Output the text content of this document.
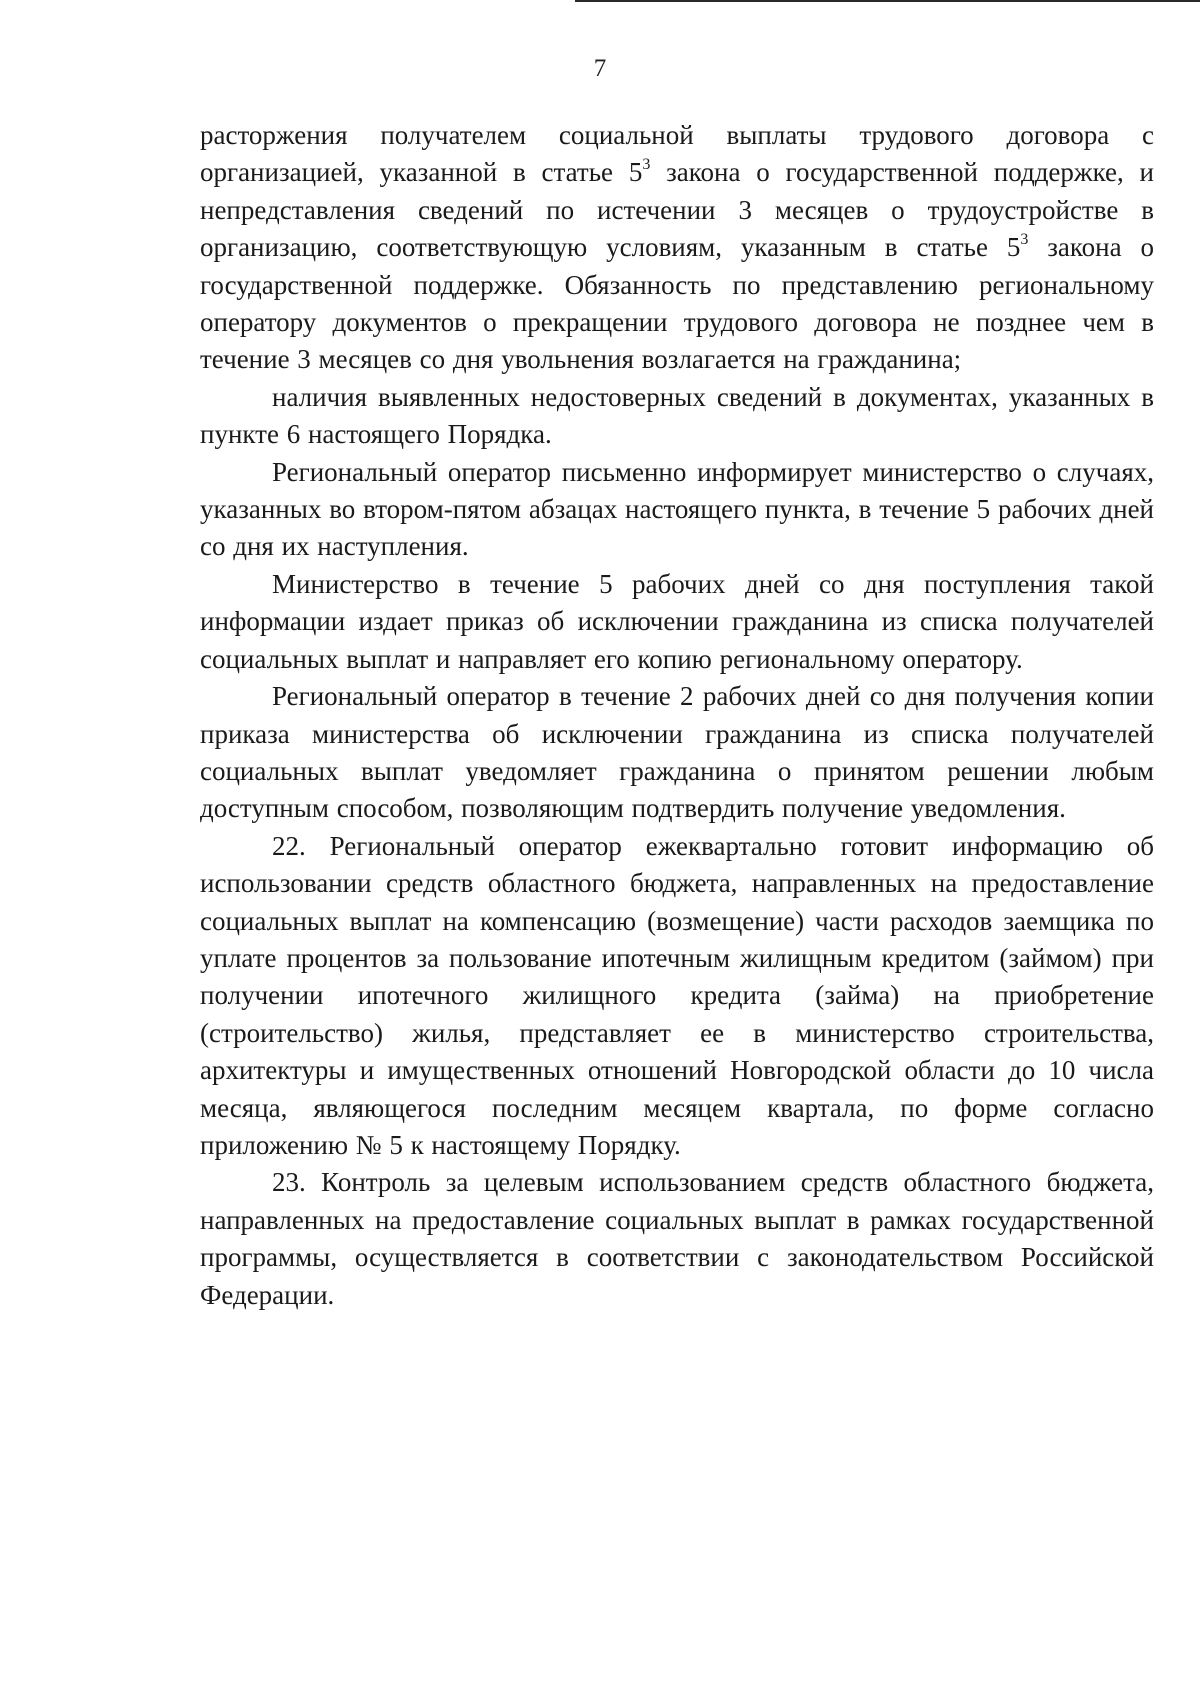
7

расторжения получателем социальной выплаты трудового договора с организацией, указанной в статье $5^3$ закона о государственной поддержке, и непредставления сведений по истечении 3 месяцев о трудоустройстве в организацию, соответствующую условиям, указанным в статье $5^3$ закона о государственной поддержке. Обязанность по представлению региональному оператору документов о прекращении трудового договора не позднее чем в течение 3 месяцев со дня увольнения возлагается на гражданина;

наличия выявленных недостоверных сведений в документах, указанных в пункте 6 настоящего Порядка.

Региональный оператор письменно информирует министерство о случаях, указанных во втором-пятом абзацах настоящего пункта, в течение 5 рабочих дней со дня их наступления.

Министерство в течение 5 рабочих дней со дня поступления такой информации издает приказ об исключении гражданина из списка получателей социальных выплат и направляет его копию региональному оператору.

Региональный оператор в течение 2 рабочих дней со дня получения копии приказа министерства об исключении гражданина из списка получателей социальных выплат уведомляет гражданина о принятом решении любым доступным способом, позволяющим подтвердить получение уведомления.

22. Региональный оператор ежеквартально готовит информацию об использовании средств областного бюджета, направленных на предоставление социальных выплат на компенсацию (возмещение) части расходов заемщика по уплате процентов за пользование ипотечным жилищным кредитом (займом) при получении ипотечного жилищного кредита (займа) на приобретение (строительство) жилья, представляет ее в министерство строительства, архитектуры и имущественных отношений Новгородской области до 10 числа месяца, являющегося последним месяцем квартала, по форме согласно приложению № 5 к настоящему Порядку.

23. Контроль за целевым использованием средств областного бюджета, направленных на предоставление социальных выплат в рамках государственной программы, осуществляется в соответствии с законодательством Российской Федерации.
